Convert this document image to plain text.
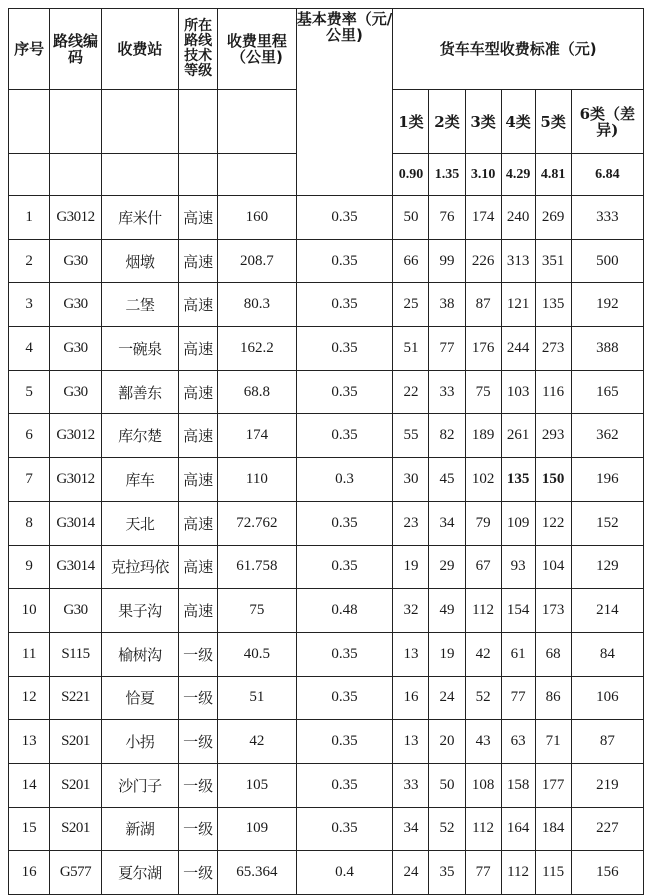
序号	路线编码	收费站	所在路线技术等级	收费里程（公里)	基本费率（元/公里)	货车车型收费标准（元)					
						1类	2类	3类	4类	5类	6类（差异)
						0.90	1.35	3.10	4.29	4.81	6.84
1	G3012	库米什	高速	160	0.35	50	76	174	240	269	333
2	G30	烟墩	高速	208.7	0.35	66	99	226	313	351	500
3	G30	二堡	高速	80.3	0.35	25	38	87	121	135	192
4	G30	一碗泉	高速	162.2	0.35	51	77	176	244	273	388
5	G30	鄯善东	高速	68.8	0.35	22	33	75	103	116	165
6	G3012	库尔楚	高速	174	0.35	55	82	189	261	293	362
7	G3012	库车	高速	110	0.3	30	45	102	135	150	196
8	G3014	天北	高速	72.762	0.35	23	34	79	109	122	152
9	G3014	克拉玛依	高速	61.758	0.35	19	29	67	93	104	129
10	G30	果子沟	高速	75	0.48	32	49	112	154	173	214
11	S115	榆树沟	一级	40.5	0.35	13	19	42	61	68	84
12	S221	恰夏	一级	51	0.35	16	24	52	77	86	106
13	S201	小拐	一级	42	0.35	13	20	43	63	71	87
14	S201	沙门子	一级	105	0.35	33	50	108	158	177	219
15	S201	新湖	一级	109	0.35	34	52	112	164	184	227
16	G577	夏尔湖	一级	65.364	0.4	24	35	77	112	115	156
